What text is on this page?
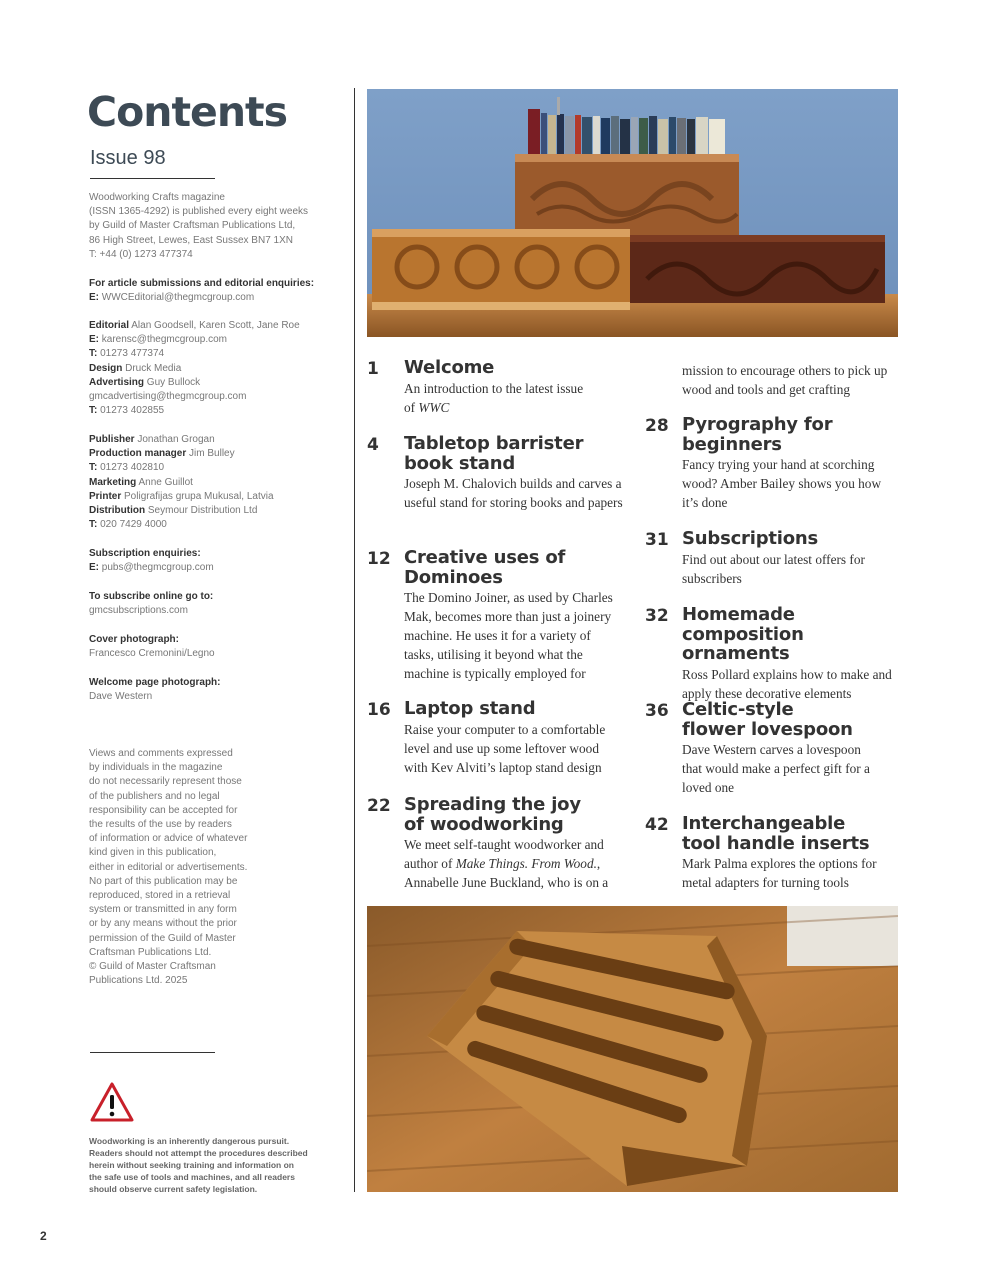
Contents
Issue 98

Woodworking Crafts magazine

(ISSN 1365-4292) is published every eight weeks

by Guild of Master Craftsman Publications Ltd,

86 High Street, Lewes, East Sussex BN7 1XN

T: +44 (0) 1273 477374

For article submissions and editorial enquiries:

E: WWCEditorial@thegmcgroup.com

Editorial Alan Goodsell, Karen Scott, Jane Roe

E: karensc@thegmcgroup.com

T: 01273 477374

Design Druck Media

Advertising Guy Bullock

gmcadvertising@thegmcgroup.com

T: 01273 402855

Publisher Jonathan Grogan

Production manager Jim Bulley

T: 01273 402810

Marketing Anne Guillot

Printer Poligrafijas grupa Mukusal, Latvia

Distribution Seymour Distribution Ltd

T: 020 7429 4000

Subscription enquiries:

E: pubs@thegmcgroup.com

To subscribe online go to:

gmcsubscriptions.com

Cover photograph:

Francesco Cremonini/Legno

Welcome page photograph:

Dave Western

Views and comments expressed

by individuals in the magazine

do not necessarily represent those

of the publishers and no legal

responsibility can be accepted for

the results of the use by readers

of information or advice of whatever

kind given in this publication,

either in editorial or advertisements.

No part of this publication may be

reproduced, stored in a retrieval

system or transmitted in any form

or by any means without the prior

permission of the Guild of Master

Craftsman Publications Ltd.

© Guild of Master Craftsman

Publications Ltd. 2025

Woodworking is an inherently dangerous pursuit.
Readers should not attempt the procedures described
herein without seeking training and information on
the safe use of tools and machines, and all readers
should observe current safety legislation.
2
1 Welcome
An introduction to the latest issue
of WWC
4 Tabletop barrister book stand
Joseph M. Chalovich builds and carves a useful stand for storing books and papers
12 Creative uses of Dominoes
The Domino Joiner, as used by Charles Mak, becomes more than just a joinery machine. He uses it for a variety of tasks, utilising it beyond what the machine is typically employed for
16 Laptop stand
Raise your computer to a comfortable level and use up some leftover wood with Kev Alviti’s laptop stand design
22 Spreading the joy of woodworking
We meet self-taught woodworker and author of Make Things. From Wood., Annabelle June Buckland, who is on a
mission to encourage others to pick up wood and tools and get crafting
28 Pyrography for beginners
Fancy trying your hand at scorching wood? Amber Bailey shows you how it’s done
31 Subscriptions
Find out about our latest offers for subscribers
32 Homemade composition ornaments
Ross Pollard explains how to make and apply these decorative elements
36 Celtic-style flower lovespoon
Dave Western carves a lovespoon that would make a perfect gift for a loved one
42 Interchangeable tool handle inserts
Mark Palma explores the options for metal adapters for turning tools
